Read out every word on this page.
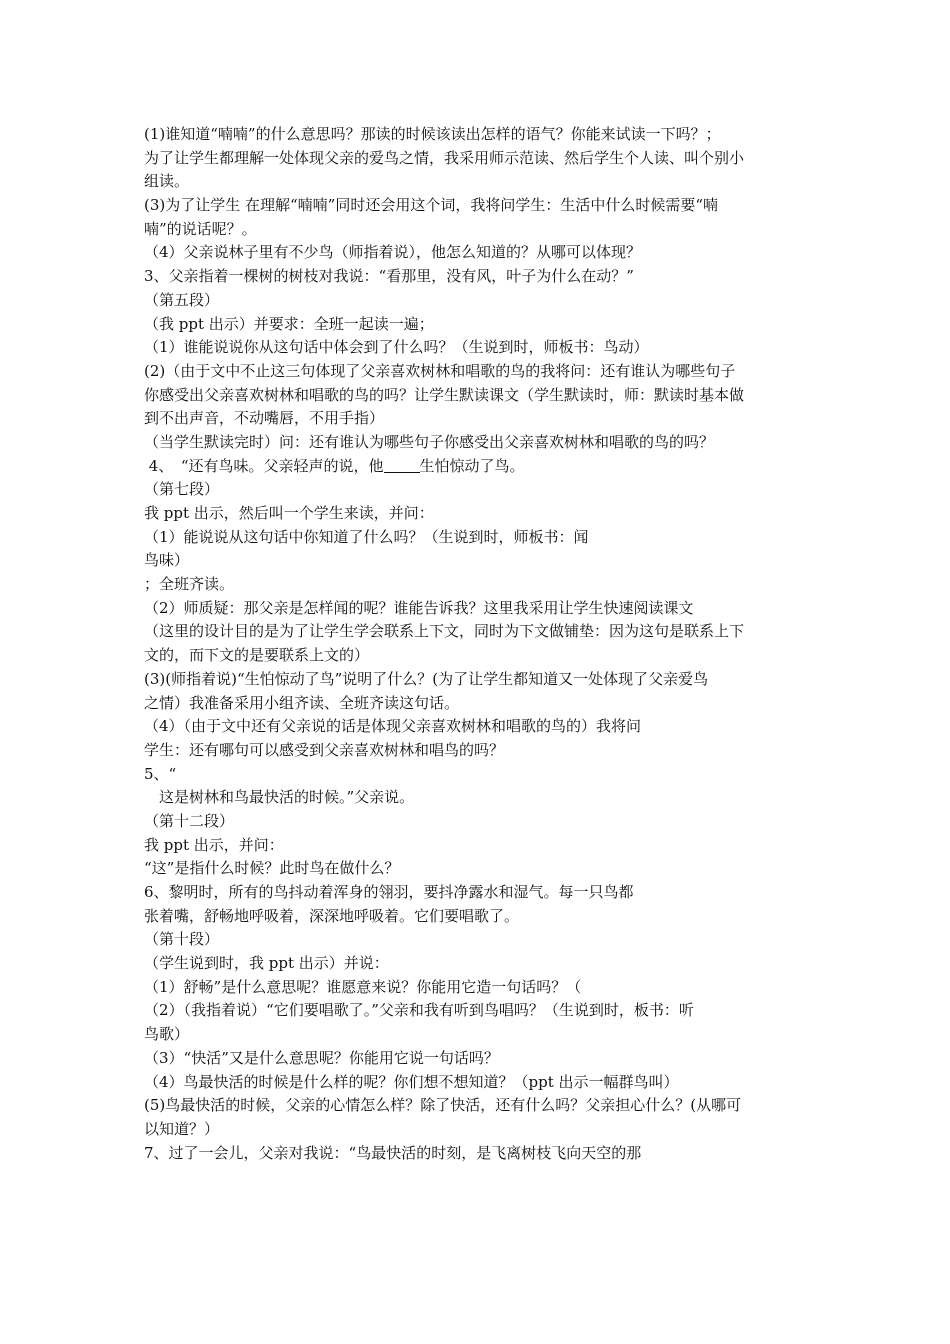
(1)谁知道“喃喃”的什么意思吗？那读的时候该读出怎样的语气？你能来试读一下吗？；
为了让学生都理解一处体现父亲的爱鸟之情，我采用师示范读、然后学生个人读、叫个别小
组读。
(3)为了让学生 在理解“喃喃”同时还会用这个词，我将问学生：生活中什么时候需要“喃
喃”的说话呢？。
（4）父亲说林子里有不少鸟（师指着说），他怎么知道的？从哪可以体现？
3、父亲指着一棵树的树枝对我说：“看那里，没有风，叶子为什么在动？”
（第五段）
（我 ppt 出示）并要求：全班一起读一遍；
（1）谁能说说你从这句话中体会到了什么吗？（生说到时，师板书：鸟动）
(2)（由于文中不止这三句体现了父亲喜欢树林和唱歌的鸟的我将问：还有谁认为哪些句子
你感受出父亲喜欢树林和唱歌的鸟的吗？让学生默读课文（学生默读时，师：默读时基本做
到不出声音，不动嘴唇，不用手指）
（当学生默读完时）问：还有谁认为哪些句子你感受出父亲喜欢树林和唱歌的鸟的吗？
4、　“还有鸟味。父亲轻声的说，他 生怕惊动了鸟。
（第七段）
我 ppt 出示，然后叫一个学生来读，并问：
（1）能说说从这句话中你知道了什么吗？（生说到时，师板书：闻
鸟味）
；全班齐读。
（2）师质疑：那父亲是怎样闻的呢？谁能告诉我？这里我采用让学生快速阅读课文
（这里的设计目的是为了让学生学会联系上下文，同时为下文做铺垫：因为这句是联系上下
文的，而下文的是要联系上文的）
(3)(师指着说)“生怕惊动了鸟”说明了什么？(为了让学生都知道又一处体现了父亲爱鸟
之情）我准备采用小组齐读、全班齐读这句话。
（4）（由于文中还有父亲说的话是体现父亲喜欢树林和唱歌的鸟的）我将问
学生：还有哪句可以感受到父亲喜欢树林和唱鸟的吗？
5、“
　这是树林和鸟最快活的时候。”父亲说。
（第十二段）
我 ppt 出示，并问：
“这”是指什么时候？此时鸟在做什么？
6、黎明时，所有的鸟抖动着浑身的翎羽，要抖净露水和湿气。每一只鸟都
张着嘴，舒畅地呼吸着，深深地呼吸着。它们要唱歌了。
（第十段）
（学生说到时，我 ppt 出示）并说：
（1）舒畅”是什么意思呢？谁愿意来说？你能用它造一句话吗？（
（2）（我指着说）“它们要唱歌了。”父亲和我有听到鸟唱吗？（生说到时，板书：听
鸟歌）
（3）“快活”又是什么意思呢？你能用它说一句话吗？
（4）鸟最快活的时候是什么样的呢？你们想不想知道？（ppt 出示一幅群鸟叫）
(5)鸟最快活的时候，父亲的心情怎么样？除了快活，还有什么吗？父亲担心什么？(从哪可
以知道？）
7、过了一会儿，父亲对我说：“鸟最快活的时刻，是飞离树枝飞向天空的那
